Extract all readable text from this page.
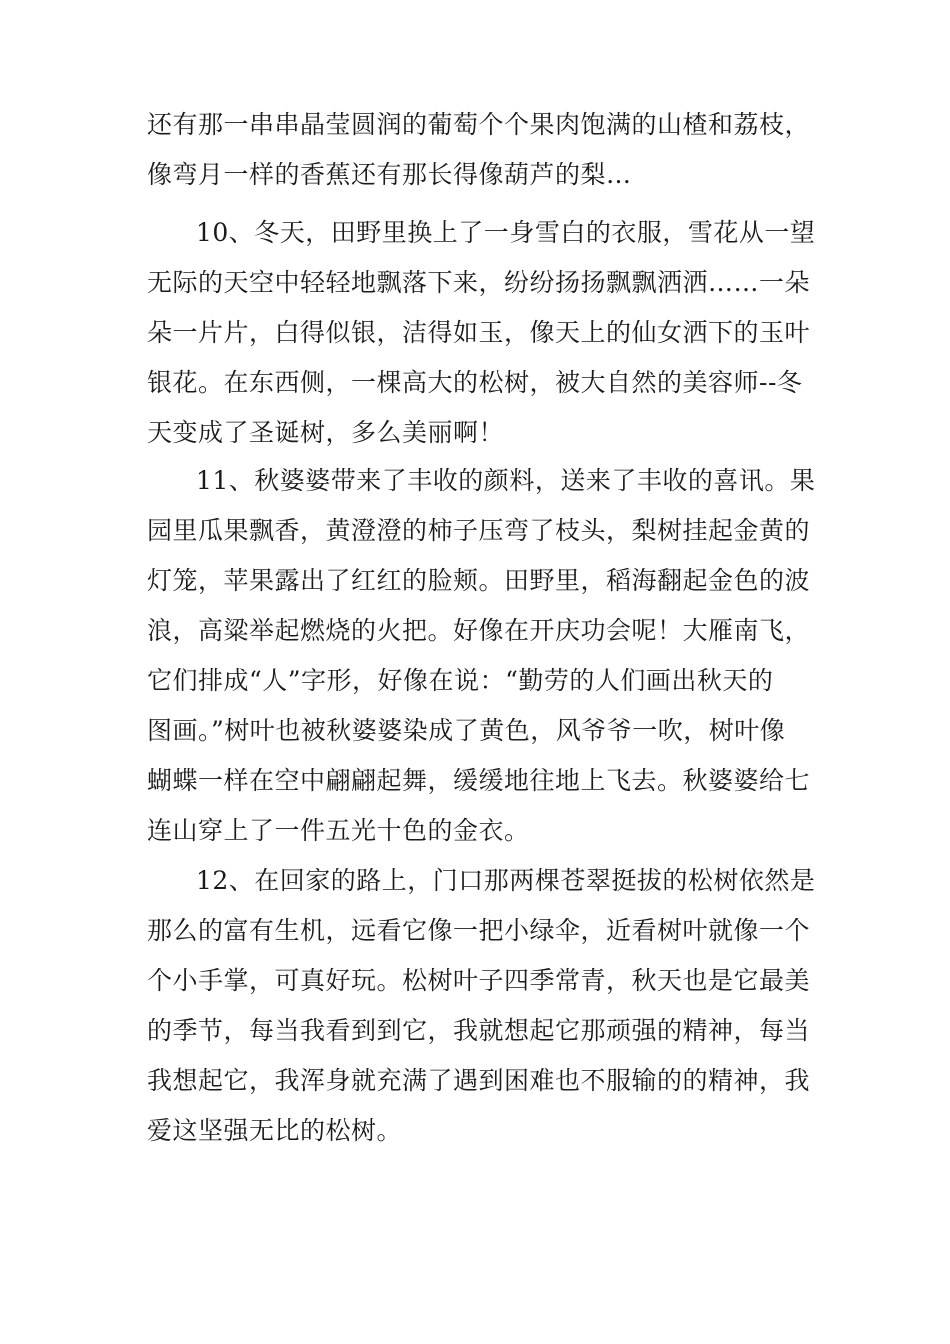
还有那一串串晶莹圆润的葡萄个个果肉饱满的山楂和荔枝，
像弯月一样的香蕉还有那长得像葫芦的梨…
10、冬天，田野里换上了一身雪白的衣服，雪花从一望
无际的天空中轻轻地飘落下来，纷纷扬扬飘飘洒洒……一朵
朵一片片，白得似银，洁得如玉，像天上的仙女洒下的玉叶
银花。在东西侧，一棵高大的松树，被大自然的美容师--冬
天变成了圣诞树，多么美丽啊！
11、秋婆婆带来了丰收的颜料，送来了丰收的喜讯。果
园里瓜果飘香，黄澄澄的柿子压弯了枝头，梨树挂起金黄的
灯笼，苹果露出了红红的脸颊。田野里，稻海翻起金色的波
浪，高粱举起燃烧的火把。好像在开庆功会呢！大雁南飞，
它们排成“人”字形，好像在说：“勤劳的人们画出秋天的
图画。”树叶也被秋婆婆染成了黄色，风爷爷一吹，树叶像
蝴蝶一样在空中翩翩起舞，缓缓地往地上飞去。秋婆婆给七
连山穿上了一件五光十色的金衣。
12、在回家的路上，门口那两棵苍翠挺拔的松树依然是
那么的富有生机，远看它像一把小绿伞，近看树叶就像一个
个小手掌，可真好玩。松树叶子四季常青，秋天也是它最美
的季节，每当我看到到它，我就想起它那顽强的精神，每当
我想起它，我浑身就充满了遇到困难也不服输的的精神，我
爱这坚强无比的松树。
